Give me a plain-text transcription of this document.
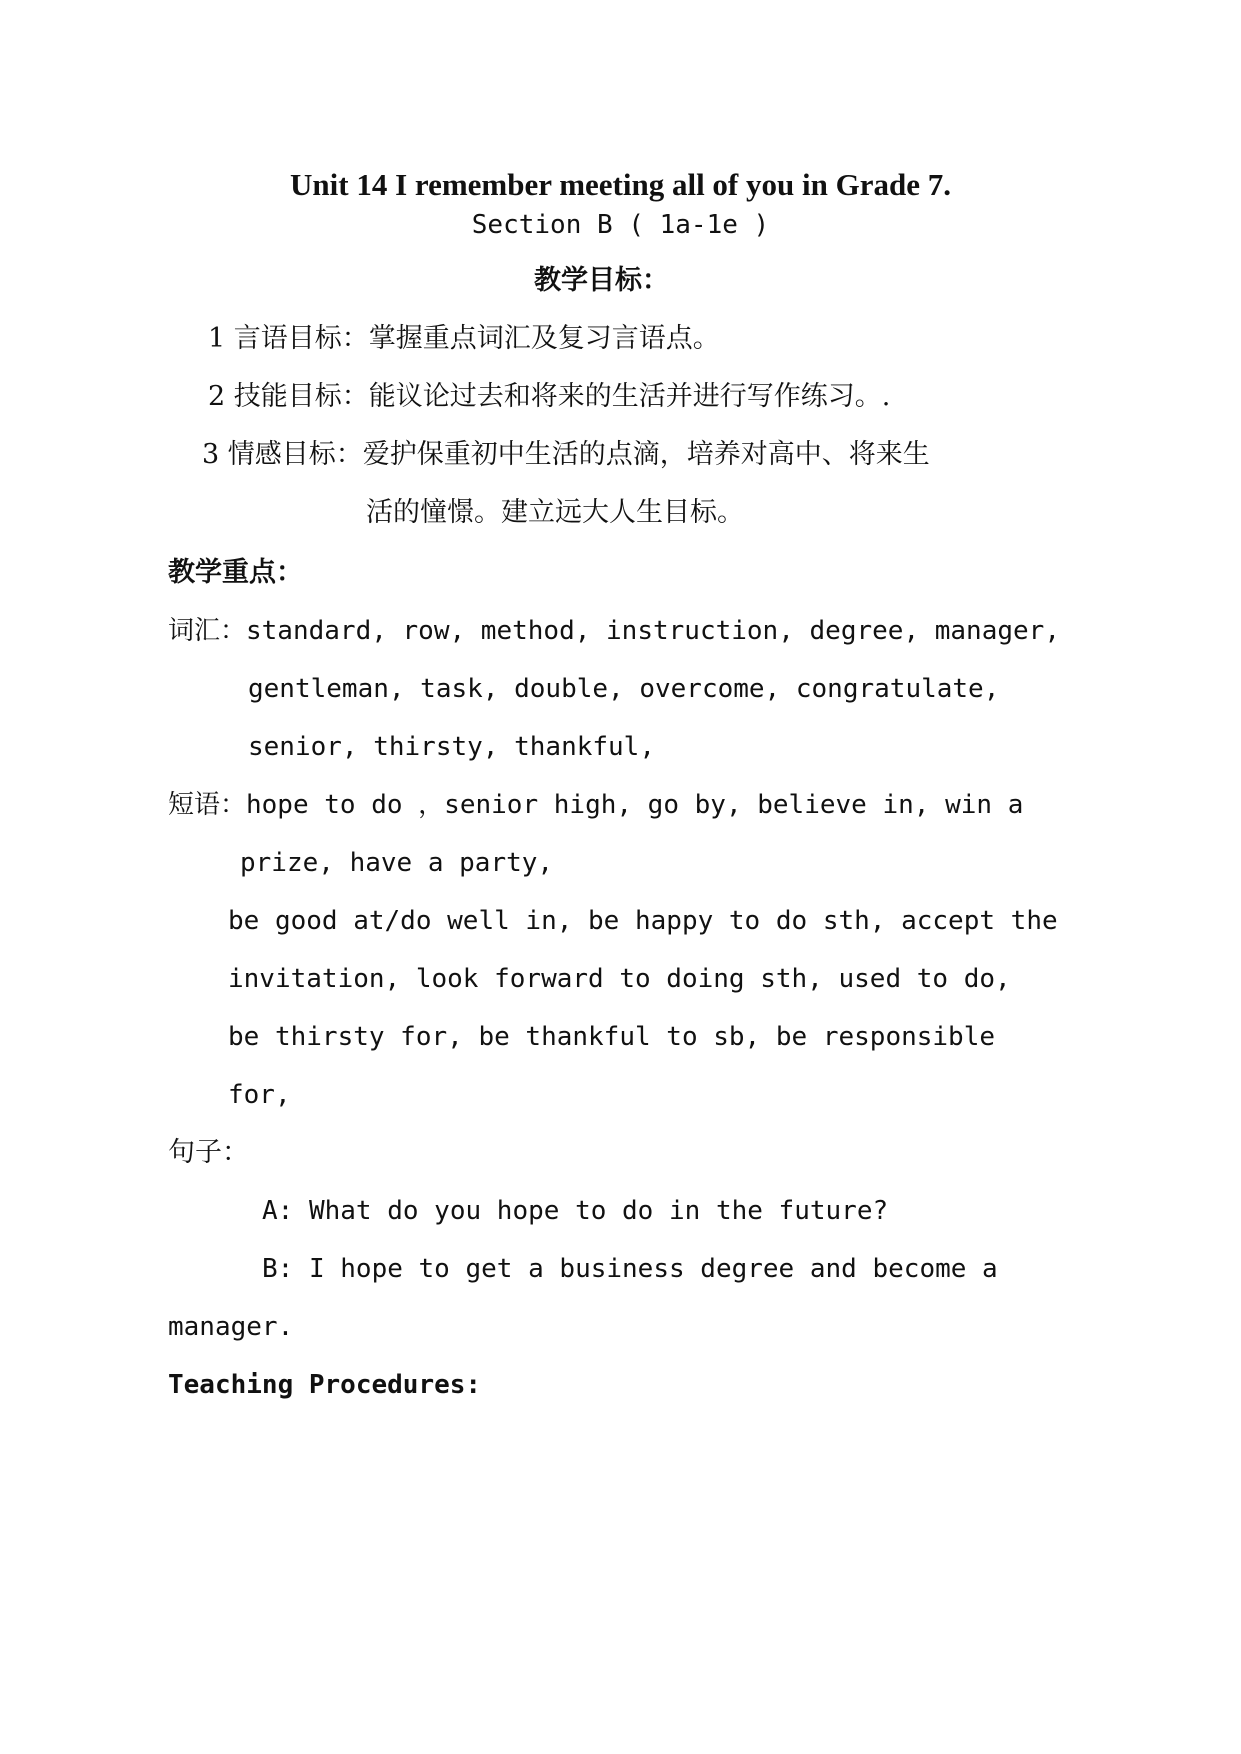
Unit 14 I remember meeting all of you in Grade 7.
Section B ( 1a-1e )
教学目标：
1 言语目标：掌握重点词汇及复习言语点。
2 技能目标：能议论过去和将来的生活并进行写作练习。.
3 情感目标：爱护保重初中生活的点滴，培养对高中、将来生
活的憧憬。建立远大人生目标。
教学重点：
词汇：standard, row, method, instruction, degree, manager,
gentleman, task, double, overcome, congratulate,
senior, thirsty, thankful,
短语：hope to do ，senior high, go by, believe in, win a
prize, have a party,
be good at/do well in, be happy to do sth, accept the
invitation, look forward to doing sth, used to do,
be thirsty for, be thankful to sb, be responsible
for,
句子：
A: What do you hope to do in the future?
B: I hope to get a business degree and become a
manager.
Teaching Procedures:
